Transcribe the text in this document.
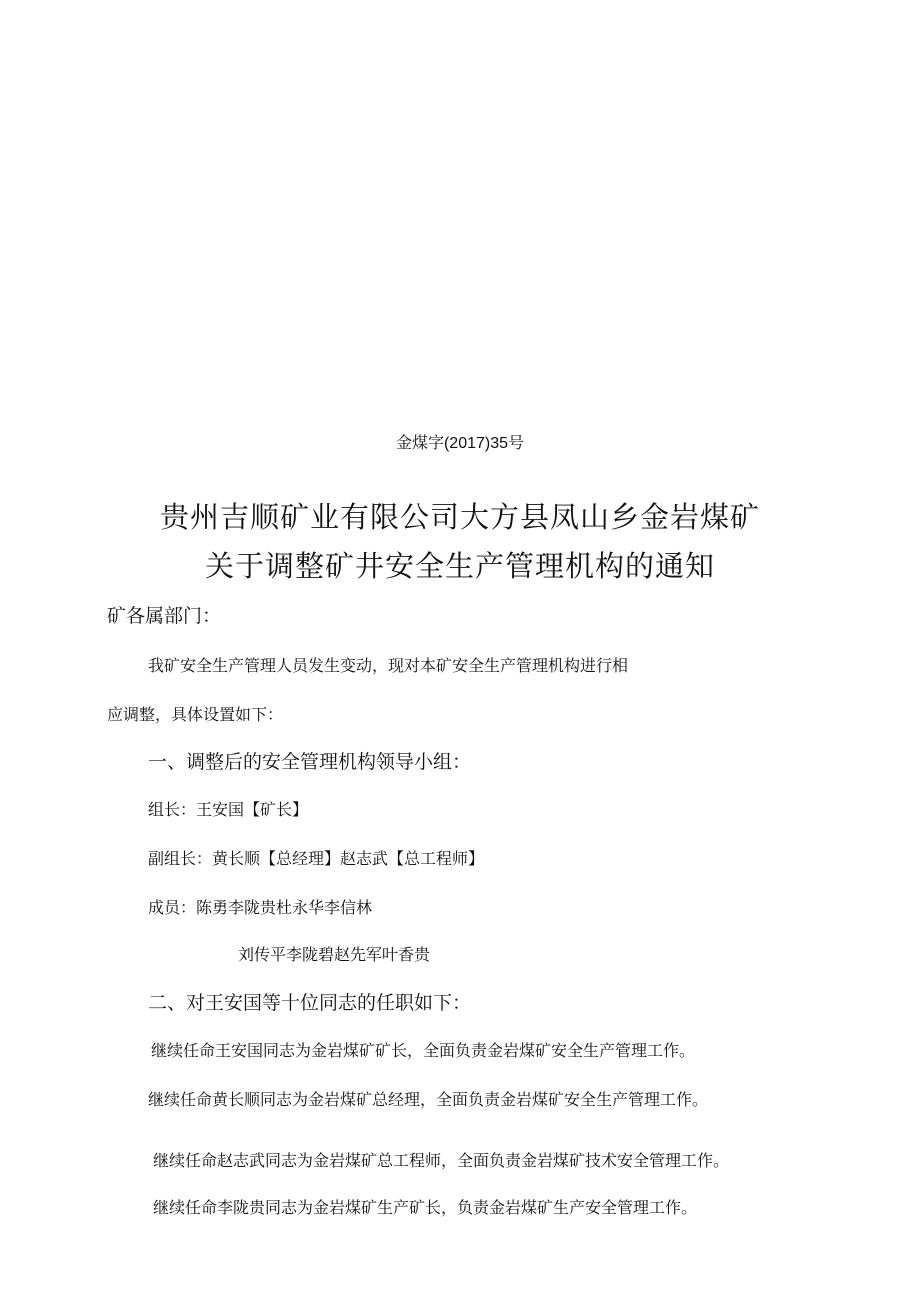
金煤字(2017)35号
贵州吉顺矿业有限公司大方县凤山乡金岩煤矿
关于调整矿井安全生产管理机构的通知
矿各属部门：
我矿安全生产管理人员发生变动，现对本矿安全生产管理机构进行相
应调整，具体设置如下：
一、调整后的安全管理机构领导小组：
组长：王安国【矿长】
副组长：黄长顺【总经理】赵志武【总工程师】
成员：陈勇李陇贵杜永华李信林
刘传平李陇碧赵先军叶香贵
二、对王安国等十位同志的任职如下：
继续任命王安国同志为金岩煤矿矿长，全面负责金岩煤矿安全生产管理工作。
继续任命黄长顺同志为金岩煤矿总经理，全面负责金岩煤矿安全生产管理工作。
继续任命赵志武同志为金岩煤矿总工程师，全面负责金岩煤矿技术安全管理工作。
继续任命李陇贵同志为金岩煤矿生产矿长，负责金岩煤矿生产安全管理工作。
